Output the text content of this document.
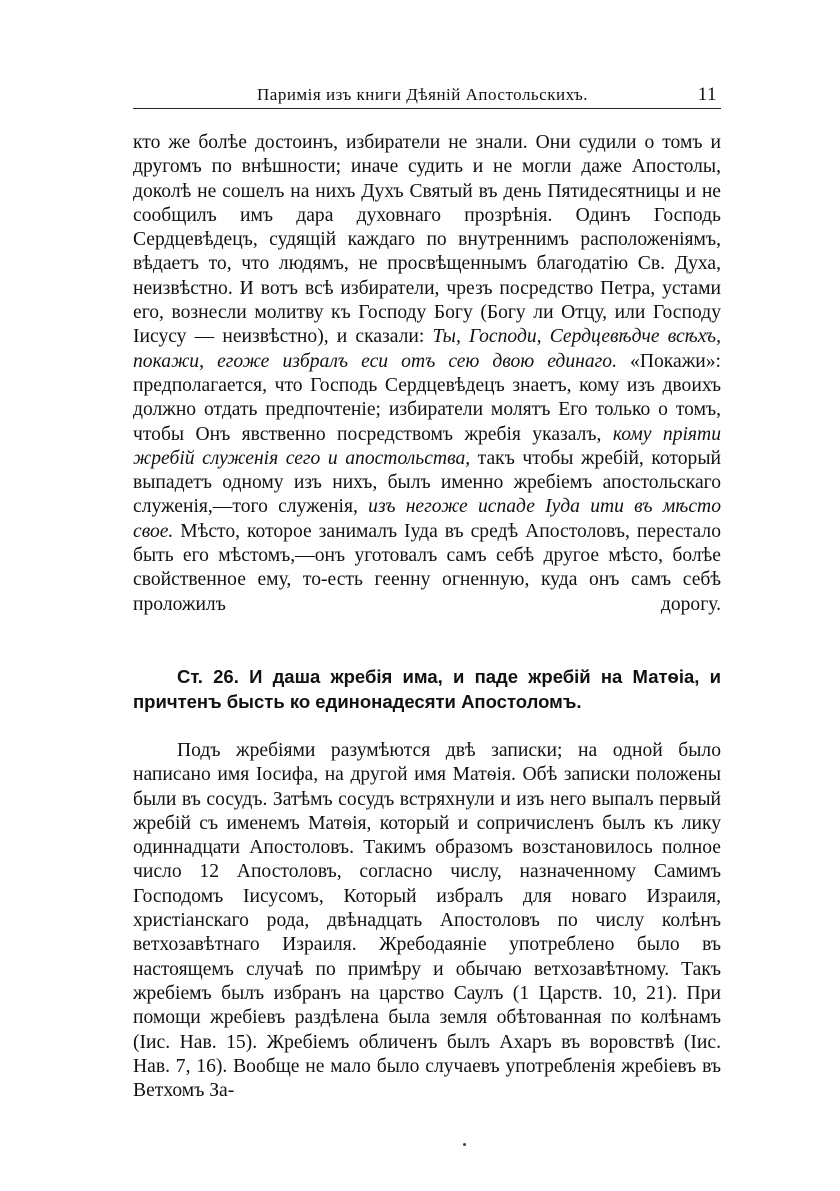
Паримія изъ книги Дѣяній Апостольскихъ.	11

кто же болѣе достоинъ, избиратели не знали. Они судили о томъ и другомъ по внѣшности; иначе судить и не могли даже Апостолы, доколѣ не сошелъ на нихъ Духъ Святый въ день Пятидесятницы и не сообщилъ имъ дара духовнаго прозрѣнія. Одинъ Господь Сердцевѣдецъ, судящій каждаго по внутреннимъ расположеніямъ, вѣдаетъ то, что людямъ, не просвѣщеннымъ благодатію Св. Духа, неизвѣстно. И вотъ всѣ избиратели, чрезъ посредство Петра, устами его, вознесли молитву къ Господу Богу (Богу ли Отцу, или Господу Іисусу — неизвѣстно), и сказали: Ты, Господи, Сердцевѣдче всѣхъ, покажи, егоже избралъ еси отъ сею двою единаго. «Покажи»: предполагается, что Господь Сердцевѣдецъ знаетъ, кому изъ двоихъ должно отдать предпочтеніе; избиратели молятъ Его только о томъ, чтобы Онъ явственно посредствомъ жребія указалъ, кому пріяти жребій служенія сего и апостольства, такъ чтобы жребій, который выпадетъ одному изъ нихъ, былъ именно жребіемъ апостольскаго служенія,—того служенія, изъ негоже испаде Іуда ити въ мѣсто свое. Мѣсто, которое занималъ Іуда въ средѣ Апостоловъ, перестало быть его мѣстомъ,—онъ уготовалъ самъ себѣ другое мѣсто, болѣе свойственное ему, то-есть геенну огненную, куда онъ самъ себѣ проложилъ дорогу.

Ст. 26. И даша жребія има, и паде жребій на Матѳіа, и причтенъ бысть ко единонадесяти Апостоломъ.

Подъ жребіями разумѣются двѣ записки; на одной было написано имя Іосифа, на другой имя Матѳія. Обѣ записки положены были въ сосудъ. Затѣмъ сосудъ встряхнули и изъ него выпалъ первый жребій съ именемъ Матѳія, который и сопричисленъ былъ къ лику одиннадцати Апостоловъ. Такимъ образомъ возстановилось полное число 12 Апостоловъ, согласно числу, назначенному Самимъ Господомъ Іисусомъ, Который избралъ для новаго Израиля, христіанскаго рода, двѣнадцать Апостоловъ по числу колѣнъ ветхозавѣтнаго Израиля. Жребодаяніе употреблено было въ настоящемъ случаѣ по примѣру и обычаю ветхозавѣтному. Такъ жребіемъ былъ избранъ на царство Саулъ (1 Царств. 10, 21). При помощи жребіевъ раздѣлена была земля обѣтованная по колѣнамъ (Іис. Нав. 15). Жребіемъ обличенъ былъ Ахаръ въ воровствѣ (Іис. Нав. 7, 16). Вообще не мало было случаевъ употребленія жребіевъ въ Ветхомъ За-
